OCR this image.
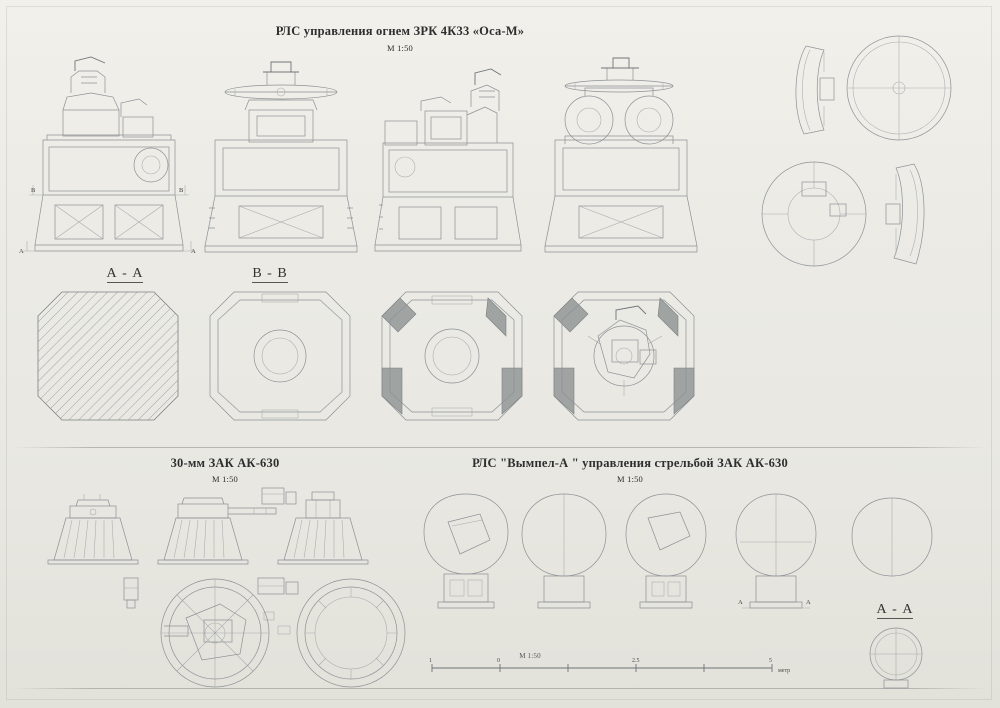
РЛС управления огнем ЗРК 4К33 «Оса-М»
М 1:50
30-мм ЗАК АК-630
М 1:50
РЛС "Вымпел-А " управления стрельбой ЗАК АК-630
М 1:50
А - А	В - В
А - А
А	А
В	В
А	А
1	0	2.5	5
метр
М 1:50
